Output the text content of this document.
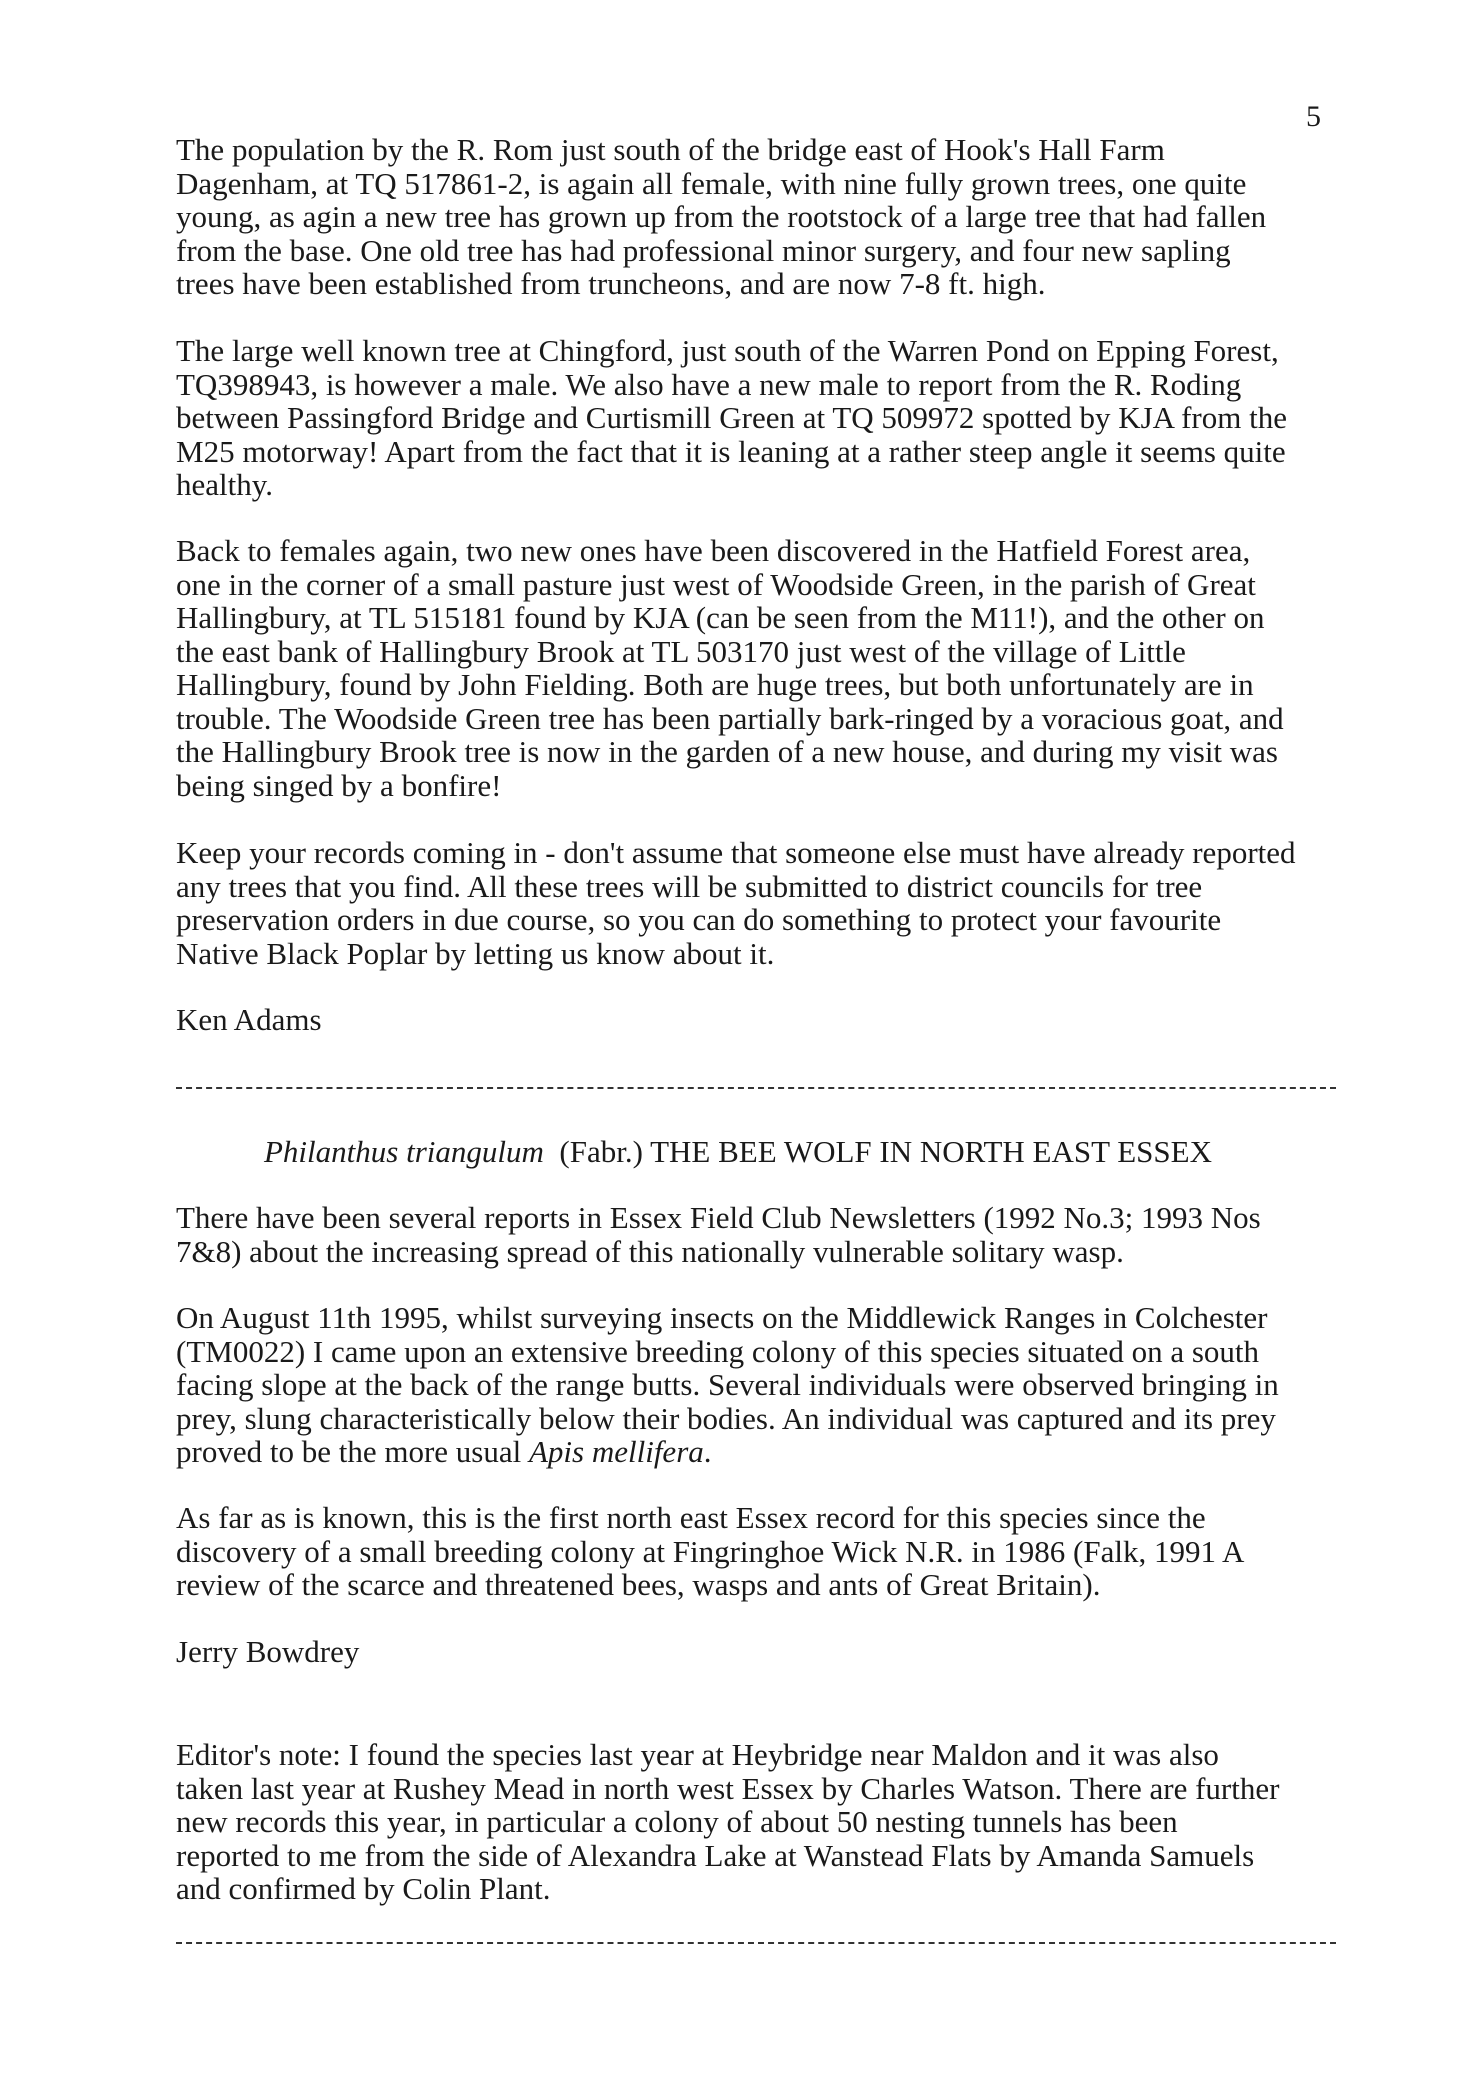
5
The population by the R. Rom just south of the bridge east of Hook's Hall Farm
Dagenham, at TQ 517861-2, is again all female, with nine fully grown trees, one quite
young, as agin a new tree has grown up from the rootstock of a large tree that had fallen
from the base. One old tree has had professional minor surgery, and four new sapling
trees have been established from truncheons, and are now 7-8 ft. high.
The large well known tree at Chingford, just south of the Warren Pond on Epping Forest,
TQ398943, is however a male. We also have a new male to report from the R. Roding
between Passingford Bridge and Curtismill Green at TQ 509972 spotted by KJA from the
M25 motorway! Apart from the fact that it is leaning at a rather steep angle it seems quite
healthy.
Back to females again, two new ones have been discovered in the Hatfield Forest area,
one in the corner of a small pasture just west of Woodside Green, in the parish of Great
Hallingbury, at TL 515181 found by KJA (can be seen from the M11!), and the other on
the east bank of Hallingbury Brook at TL 503170 just west of the village of Little
Hallingbury, found by John Fielding. Both are huge trees, but both unfortunately are in
trouble. The Woodside Green tree has been partially bark-ringed by a voracious goat, and
the Hallingbury Brook tree is now in the garden of a new house, and during my visit was
being singed by a bonfire!
Keep your records coming in - don't assume that someone else must have already reported
any trees that you find. All these trees will be submitted to district councils for tree
preservation orders in due course, so you can do something to protect your favourite
Native Black Poplar by letting us know about it.
Ken Adams
Philanthus triangulum (Fabr.) THE BEE WOLF IN NORTH EAST ESSEX
There have been several reports in Essex Field Club Newsletters (1992 No.3; 1993 Nos
7&8) about the increasing spread of this nationally vulnerable solitary wasp.
On August 11th 1995, whilst surveying insects on the Middlewick Ranges in Colchester
(TM0022) I came upon an extensive breeding colony of this species situated on a south
facing slope at the back of the range butts. Several individuals were observed bringing in
prey, slung characteristically below their bodies. An individual was captured and its prey
proved to be the more usual Apis mellifera.
As far as is known, this is the first north east Essex record for this species since the
discovery of a small breeding colony at Fingringhoe Wick N.R. in 1986 (Falk, 1991 A
review of the scarce and threatened bees, wasps and ants of Great Britain).
Jerry Bowdrey
Editor's note: I found the species last year at Heybridge near Maldon and it was also
taken last year at Rushey Mead in north west Essex by Charles Watson. There are further
new records this year, in particular a colony of about 50 nesting tunnels has been
reported to me from the side of Alexandra Lake at Wanstead Flats by Amanda Samuels
and confirmed by Colin Plant.
